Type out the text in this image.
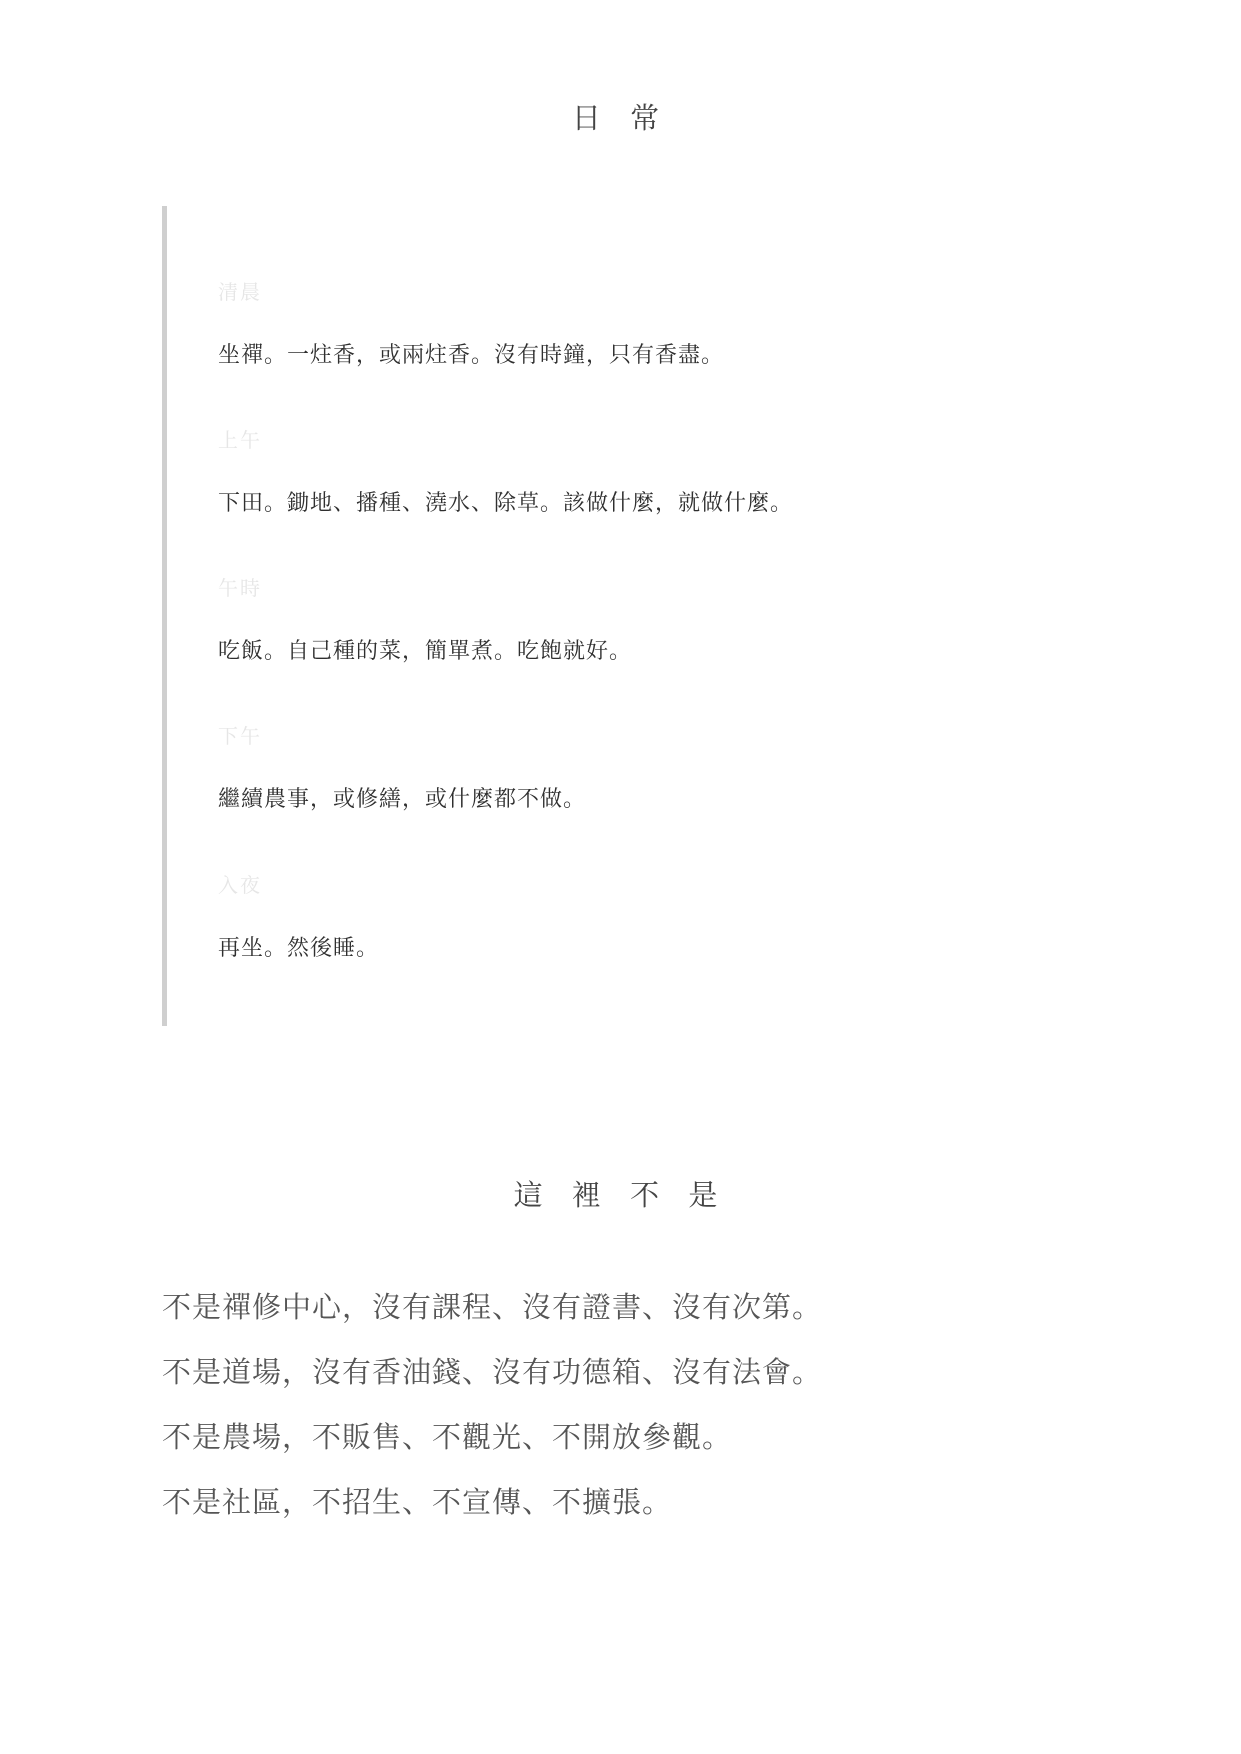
日 常
清晨
坐禪。一炷香，或兩炷香。沒有時鐘，只有香盡。
上午
下田。鋤地、播種、澆水、除草。該做什麼，就做什麼。
午時
吃飯。自己種的菜，簡單煮。吃飽就好。
下午
繼續農事，或修繕，或什麼都不做。
入夜
再坐。然後睡。
這 裡 不 是
不是禪修中心，沒有課程、沒有證書、沒有次第。
不是道場，沒有香油錢、沒有功德箱、沒有法會。
不是農場，不販售、不觀光、不開放參觀。
不是社區，不招生、不宣傳、不擴張。
